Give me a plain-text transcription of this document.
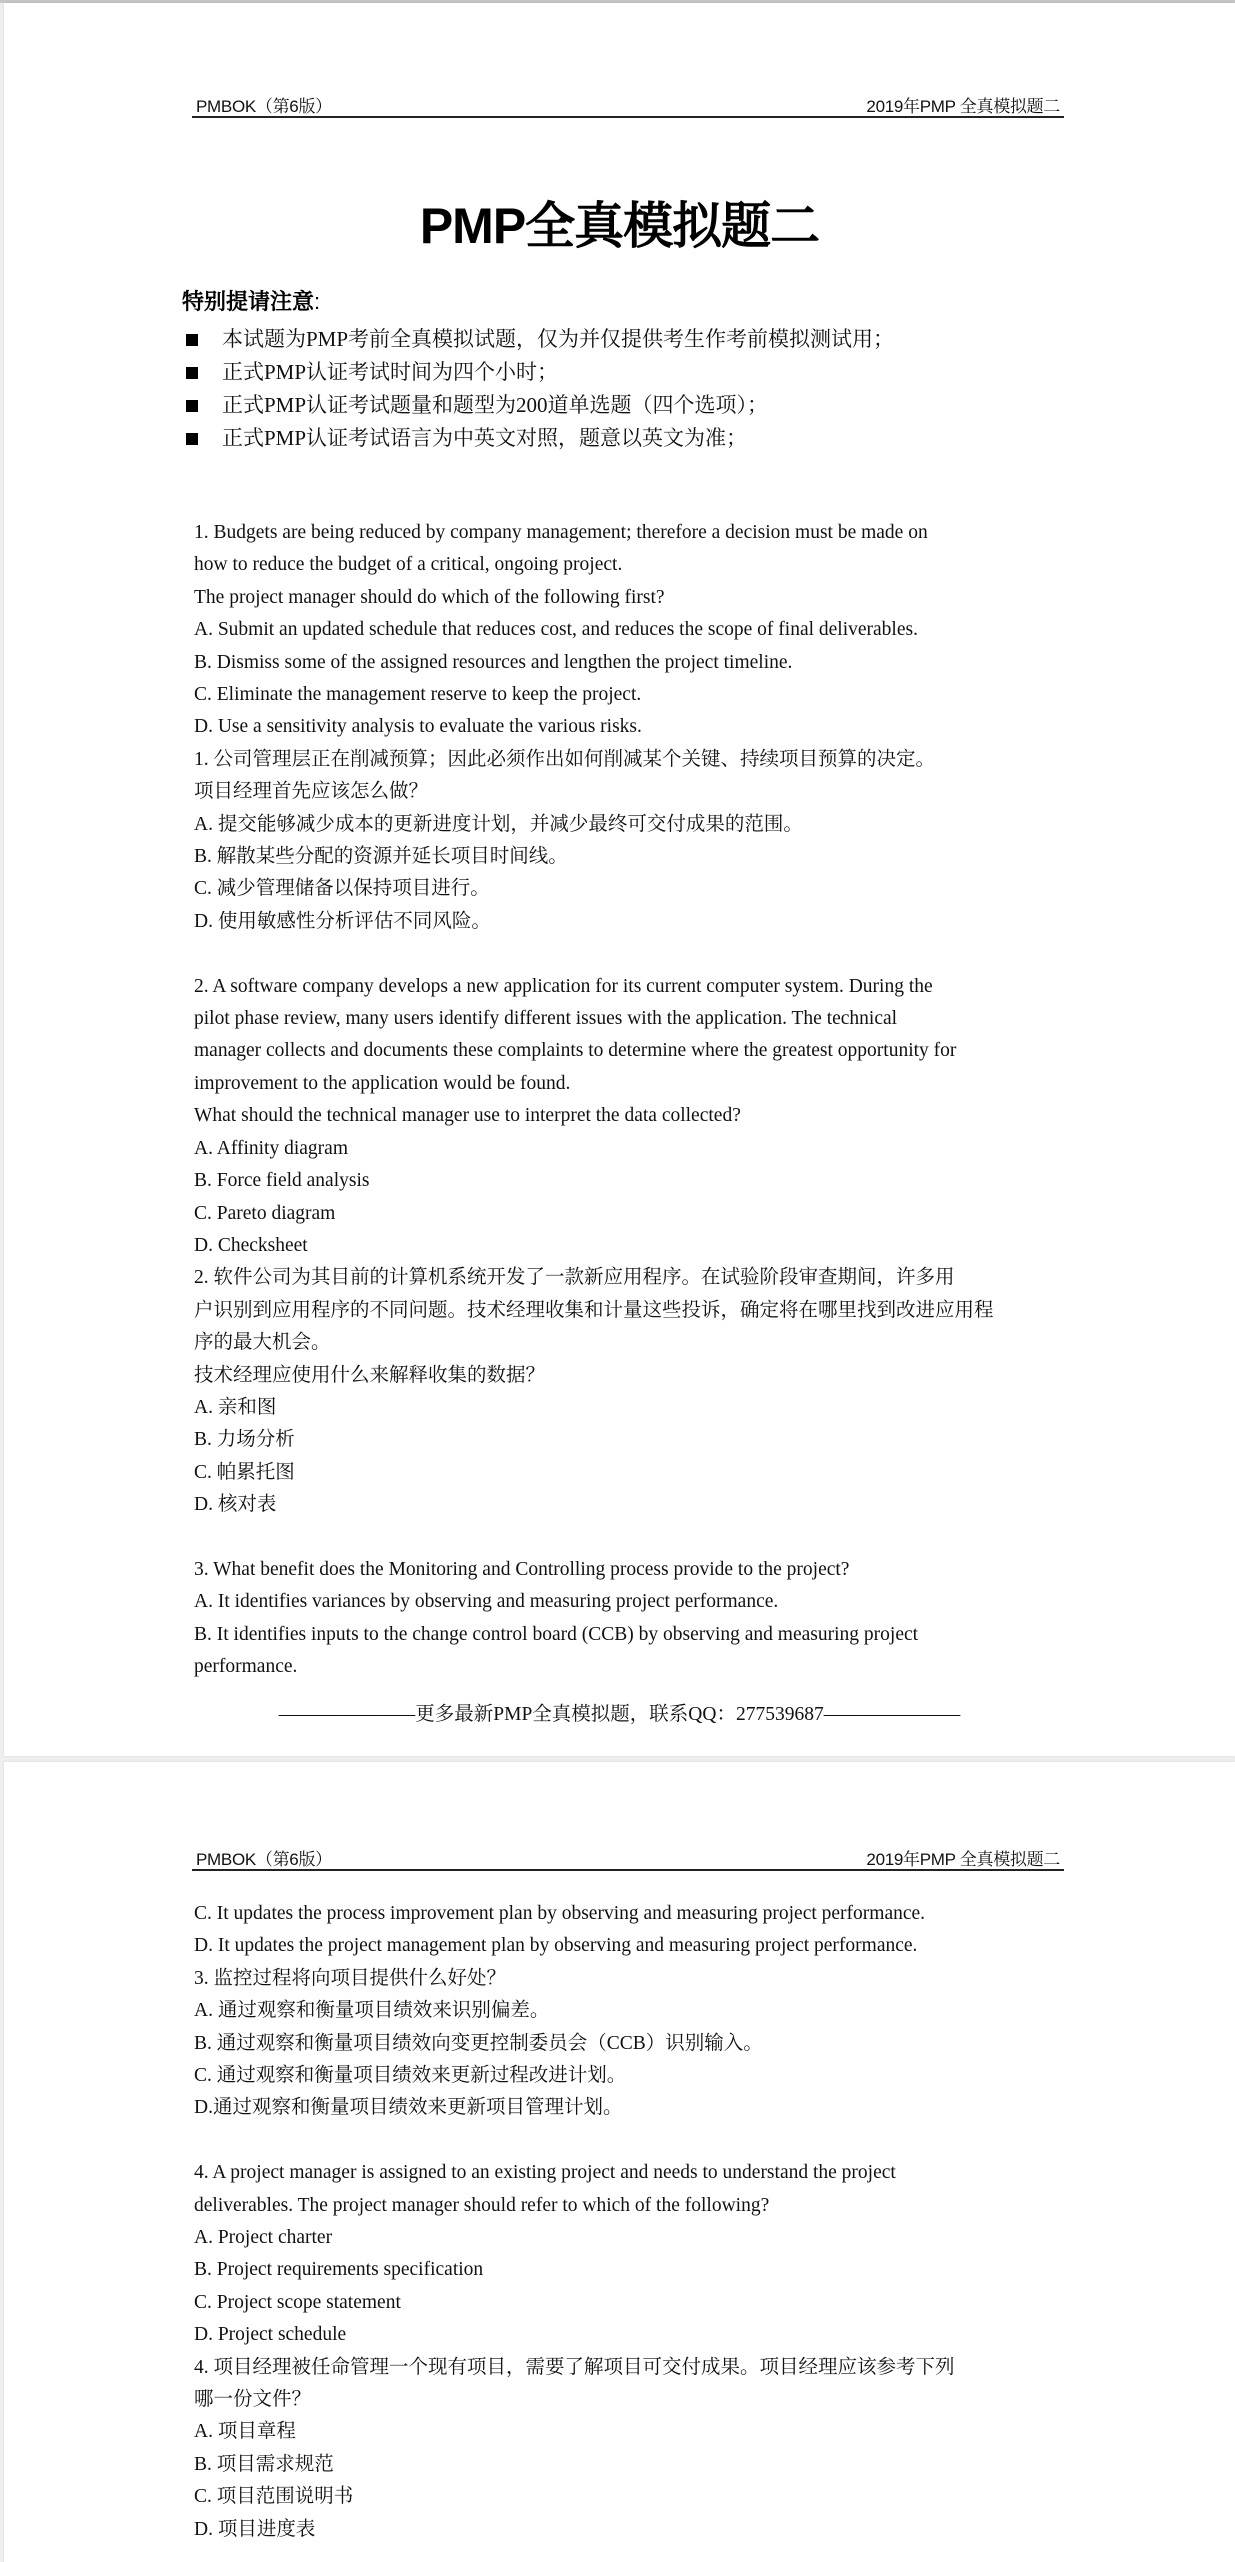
PMBOK（第6版）	2019年PMP 全真模拟题二
PMP全真模拟题二
特别提请注意:
本试题为PMP考前全真模拟试题，仅为并仅提供考生作考前模拟测试用；
正式PMP认证考试时间为四个小时；
正式PMP认证考试题量和题型为200道单选题（四个选项）；
正式PMP认证考试语言为中英文对照，题意以英文为准；

1. Budgets are being reduced by company management; therefore a decision must be made on

how to reduce the budget of a critical, ongoing project.

The project manager should do which of the following first?

A. Submit an updated schedule that reduces cost, and reduces the scope of final deliverables.

B. Dismiss some of the assigned resources and lengthen the project timeline.

C. Eliminate the management reserve to keep the project.

D. Use a sensitivity analysis to evaluate the various risks.

1. 公司管理层正在削减预算；因此必须作出如何削减某个关键、持续项目预算的决定。

项目经理首先应该怎么做？

A. 提交能够减少成本的更新进度计划，并减少最终可交付成果的范围。

B. 解散某些分配的资源并延长项目时间线。

C. 减少管理储备以保持项目进行。

D. 使用敏感性分析评估不同风险。

2. A software company develops a new application for its current computer system. During the

pilot phase review, many users identify different issues with the application. The technical

manager collects and documents these complaints to determine where the greatest opportunity for

improvement to the application would be found.

What should the technical manager use to interpret the data collected?

A. Affinity diagram

B. Force field analysis

C. Pareto diagram

D. Checksheet

2. 软件公司为其目前的计算机系统开发了一款新应用程序。在试验阶段审查期间，许多用

户识别到应用程序的不同问题。技术经理收集和计量这些投诉，确定将在哪里找到改进应用程

序的最大机会。

技术经理应使用什么来解释收集的数据？

A. 亲和图

B. 力场分析

C. 帕累托图

D. 核对表

3. What benefit does the Monitoring and Controlling process provide to the project?

A. It identifies variances by observing and measuring project performance.

B. It identifies inputs to the change control board (CCB) by observing and measuring project

performance.

———————更多最新PMP全真模拟题，联系QQ：277539687———————
PMBOK（第6版）	2019年PMP 全真模拟题二

C. It updates the process improvement plan by observing and measuring project performance.

D. It updates the project management plan by observing and measuring project performance.

3. 监控过程将向项目提供什么好处？

A. 通过观察和衡量项目绩效来识别偏差。

B. 通过观察和衡量项目绩效向变更控制委员会（CCB）识别输入。

C. 通过观察和衡量项目绩效来更新过程改进计划。

D.通过观察和衡量项目绩效来更新项目管理计划。

4. A project manager is assigned to an existing project and needs to understand the project

deliverables. The project manager should refer to which of the following?

A. Project charter

B. Project requirements specification

C. Project scope statement

D. Project schedule

4. 项目经理被任命管理一个现有项目，需要了解项目可交付成果。项目经理应该参考下列

哪一份文件？

A. 项目章程

B. 项目需求规范

C. 项目范围说明书

D. 项目进度表
